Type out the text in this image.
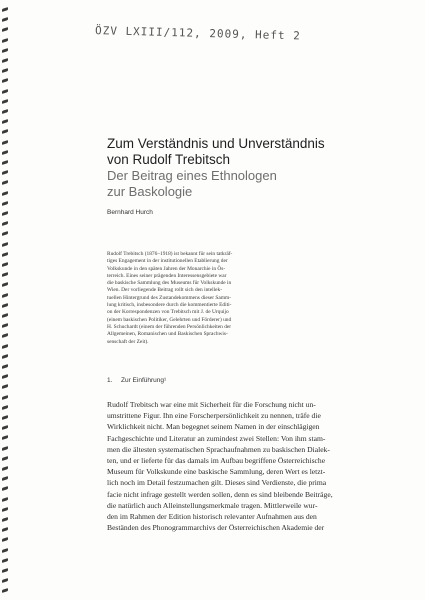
ÖZV LXIII/112, 2009, Heft 2
Zum Verständnis und Unverständnis
von Rudolf Trebitsch
Der Beitrag eines Ethnologen
zur Baskologie
Bernhard Hurch
Rudolf Trebitsch (1876–1918) ist bekannt für sein tatkräf-
tiges Engagement in der institutionellen Etablierung der
Volkskunde in den späten Jahren der Monarchie in Ös-
terreich. Eines seiner prägenden Interessensgebiete war
die baskische Sammlung des Museums für Volkskunde in
Wien. Der vorliegende Beitrag rollt sich den intellek-
tuellen Hintergrund des Zustandekommens dieser Samm-
lung kritisch, insbesondere durch die kommentierte Editi-
on der Korrespondenzen von Trebitsch mit J. de Urquijo
(einem baskischen Politiker, Gelehrten und Förderer) und
H. Schuchardt (einem der führenden Persönlichkeiten der
Allgemeinen, Romanischen und Baskischen Sprachwis-
senschaft der Zeit).
1. Zur Einführung¹
Rudolf Trebitsch war eine mit Sicherheit für die Forschung nicht un-
umstrittene Figur. Ihn eine Forscherpersönlichkeit zu nennen, träfe die
Wirklichkeit nicht. Man begegnet seinem Namen in der einschlägigen
Fachgeschichte und Literatur an zumindest zwei Stellen: Von ihm stam-
men die ältesten systematischen Sprachaufnahmen zu baskischen Dialek-
ten, und er lieferte für das damals im Aufbau begriffene Österreichische
Museum für Volkskunde eine baskische Sammlung, deren Wert es letzt-
lich noch im Detail festzumachen gilt. Dieses sind Verdienste, die prima
facie nicht infrage gestellt werden sollen, denn es sind bleibende Beiträge,
die natürlich auch Alleinstellungsmerkmale tragen. Mittlerweile wur-
den im Rahmen der Edition historisch relevanter Aufnahmen aus den
Beständen des Phonogrammarchivs der Österreichischen Akademie der
